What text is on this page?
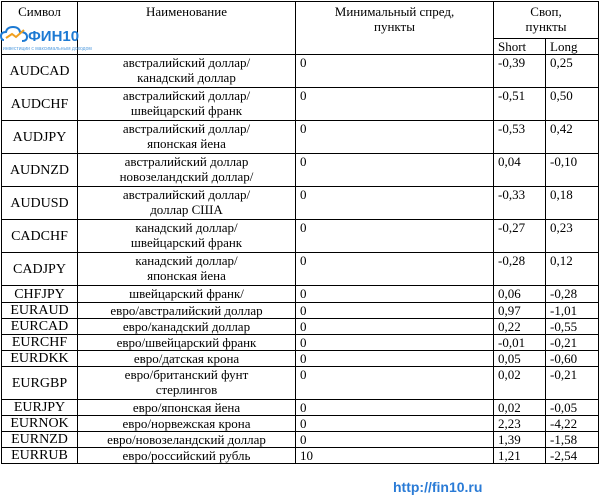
Символ	Наименование	Минимальный спред,
пункты	Своп,
пункты	
			Short	Long
AUDCAD	австралийский доллар/
канадский доллар	0	-0,39	0,25
AUDCHF	австралийский доллар/
швейцарский франк	0	-0,51	0,50
AUDJPY	австралийский доллар/
японская йена	0	-0,53	0,42
AUDNZD	австралийский доллар
новозеландский доллар/	0	0,04	-0,10
AUDUSD	австралийский доллар/
доллар США	0	-0,33	0,18
CADCHF	канадский доллар/
швейцарский франк	0	-0,27	0,23
CADJPY	канадский доллар/
японская йена	0	-0,28	0,12
CHFJPY	швейцарский франк/	0	0,06	-0,28
EURAUD	евро/австралийский доллар	0	0,97	-1,01
EURCAD	евро/канадский доллар	0	0,22	-0,55
EURCHF	евро/швейцарский франк	0	-0,01	-0,21
EURDKK	евро/датская крона	0	0,05	-0,60
EURGBP	евро/британский фунт
стерлингов	0	0,02	-0,21
EURJPY	евро/японская йена	0	0,02	-0,05
EURNOK	евро/норвежская крона	0	2,23	-4,22
EURNZD	евро/новозеландский доллар	0	1,39	-1,58
EURRUB	евро/российский рубль	10	1,21	-2,54
ФИН10
инвестиции с максимальным доходом
http://fin10.ru
